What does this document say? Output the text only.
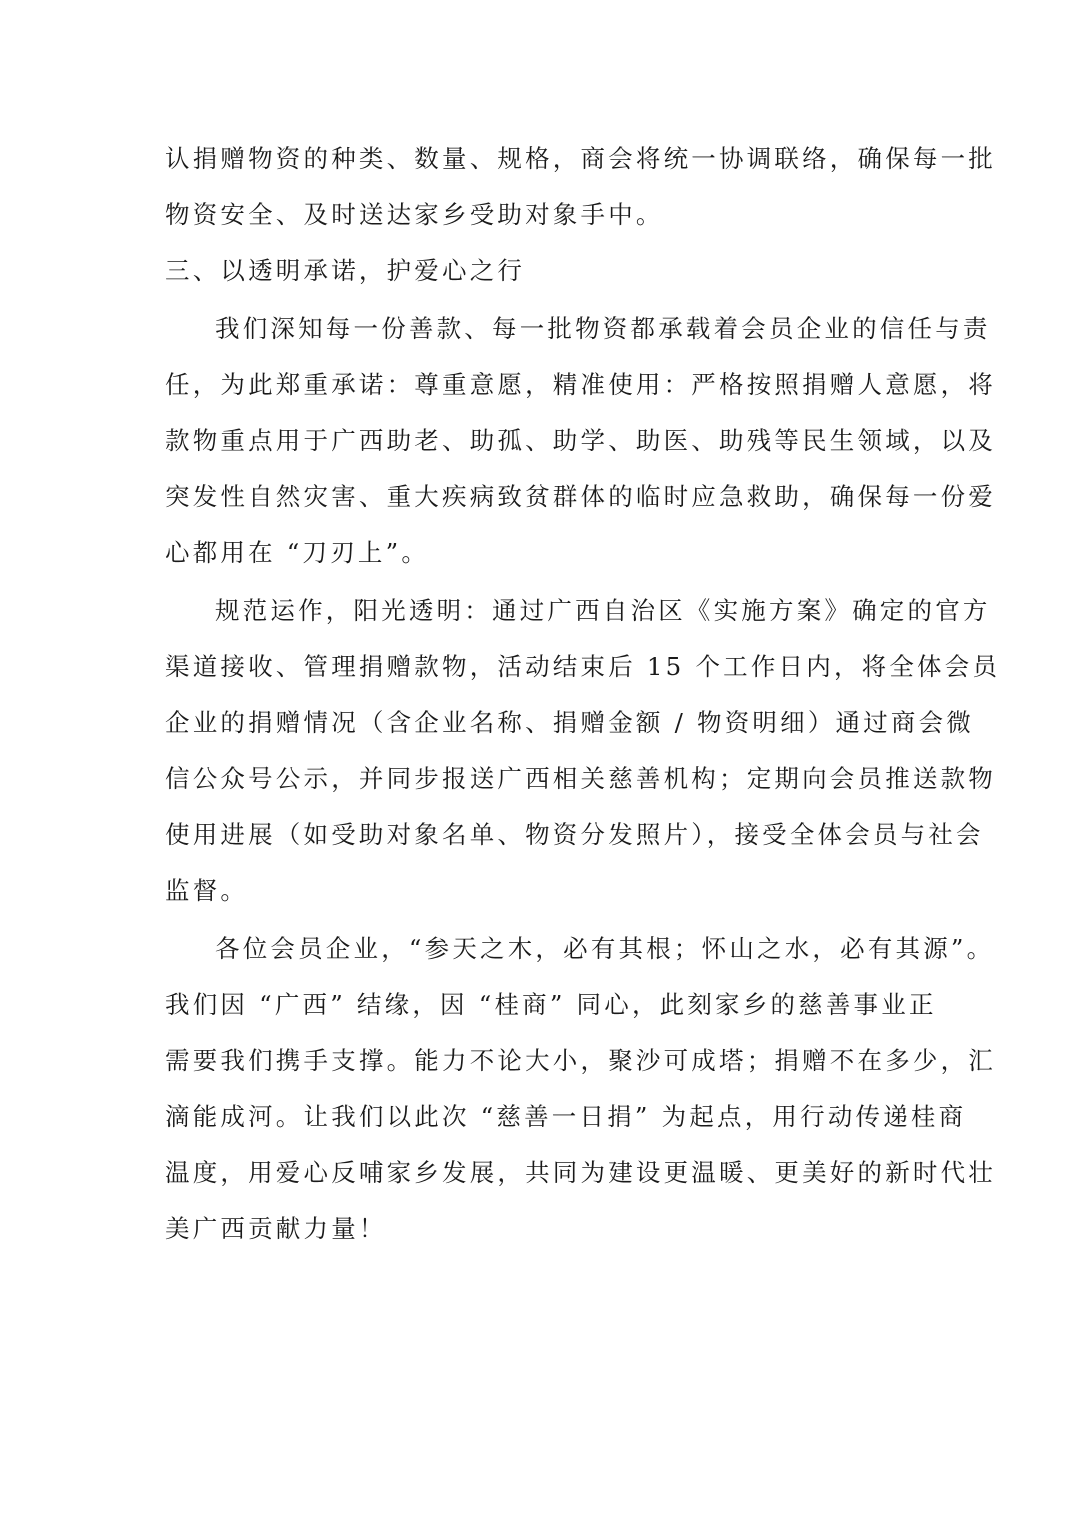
认捐赠物资的种类、数量、规格，商会将统一协调联络，确保每一批
物资安全、及时送达家乡受助对象手中。
三、以透明承诺，护爱心之行
我们深知每一份善款、每一批物资都承载着会员企业的信任与责
任，为此郑重承诺：尊重意愿，精准使用：严格按照捐赠人意愿，将
款物重点用于广西助老、助孤、助学、助医、助残等民生领域，以及
突发性自然灾害、重大疾病致贫群体的临时应急救助，确保每一份爱
心都用在 “刀刃上”。
规范运作，阳光透明：通过广西自治区《实施方案》确定的官方
渠道接收、管理捐赠款物，活动结束后 15 个工作日内，将全体会员
企业的捐赠情况（含企业名称、捐赠金额 / 物资明细）通过商会微
信公众号公示，并同步报送广西相关慈善机构；定期向会员推送款物
使用进展（如受助对象名单、物资分发照片），接受全体会员与社会
监督。
各位会员企业，“参天之木，必有其根；怀山之水，必有其源”。
我们因 “广西” 结缘，因 “桂商” 同心，此刻家乡的慈善事业正
需要我们携手支撑。能力不论大小，聚沙可成塔；捐赠不在多少，汇
滴能成河。让我们以此次 “慈善一日捐” 为起点，用行动传递桂商
温度，用爱心反哺家乡发展，共同为建设更温暖、更美好的新时代壮
美广西贡献力量！
